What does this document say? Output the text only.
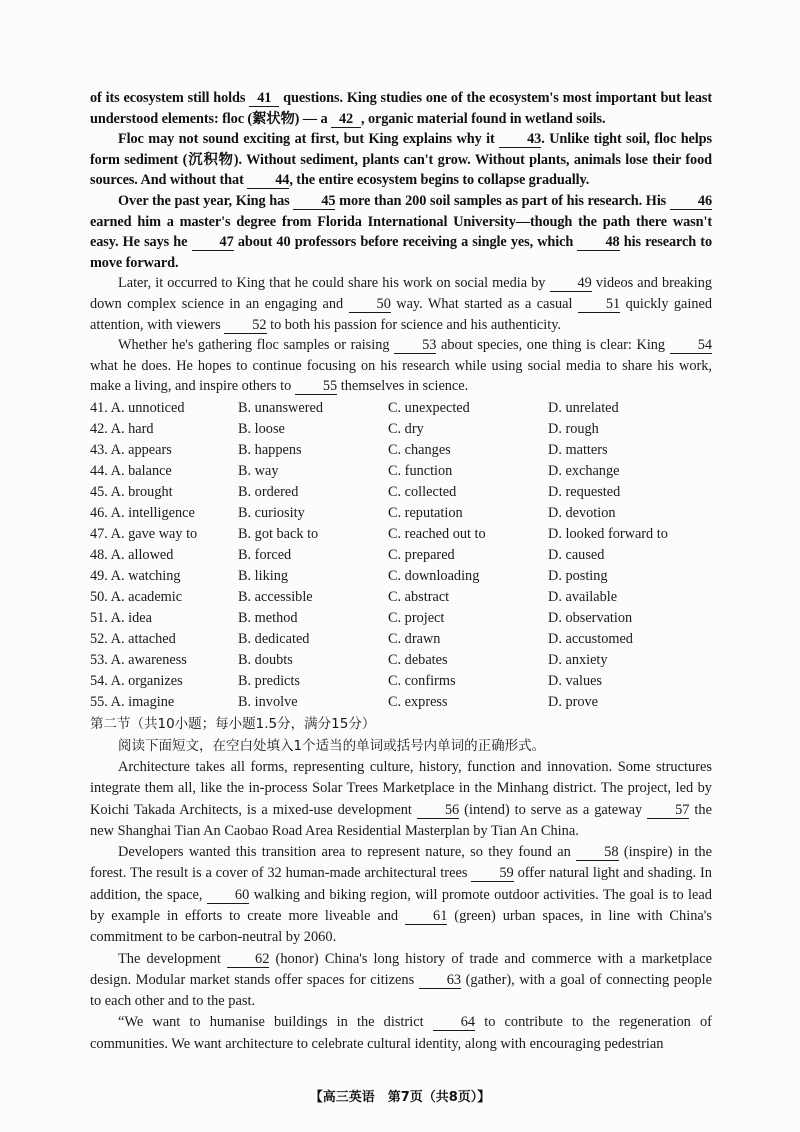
of its ecosystem still holds 41 questions. King studies one of the ecosystem's most important but least understood elements: floc (絮状物) — a 42 , organic material found in wetland soils.

Floc may not sound exciting at first, but King explains why it 43. Unlike tight soil, floc helps form sediment (沉积物). Without sediment, plants can't grow. Without plants, animals lose their food sources. And without that 44, the entire ecosystem begins to collapse gradually.

Over the past year, King has 45 more than 200 soil samples as part of his research. His 46 earned him a master's degree from Florida International University—though the path there wasn't easy. He says he 47 about 40 professors before receiving a single yes, which 48 his research to move forward.

Later, it occurred to King that he could share his work on social media by 49 videos and breaking down complex science in an engaging and 50 way. What started as a casual 51 quickly gained attention, with viewers 52 to both his passion for science and his authenticity.

Whether he's gathering floc samples or raising 53 about species, one thing is clear: King 54 what he does. He hopes to continue focusing on his research while using social media to share his work, make a living, and inspire others to 55 themselves in science.

41. A. unnoticed	B. unanswered	C. unexpected	D. unrelated
42. A. hard	B. loose	C. dry	D. rough
43. A. appears	B. happens	C. changes	D. matters
44. A. balance	B. way	C. function	D. exchange
45. A. brought	B. ordered	C. collected	D. requested
46. A. intelligence	B. curiosity	C. reputation	D. devotion
47. A. gave way to	B. got back to	C. reached out to	D. looked forward to
48. A. allowed	B. forced	C. prepared	D. caused
49. A. watching	B. liking	C. downloading	D. posting
50. A. academic	B. accessible	C. abstract	D. available
51. A. idea	B. method	C. project	D. observation
52. A. attached	B. dedicated	C. drawn	D. accustomed
53. A. awareness	B. doubts	C. debates	D. anxiety
54. A. organizes	B. predicts	C. confirms	D. values
55. A. imagine	B. involve	C. express	D. prove
第二节（共10小题；每小题1.5分，满分15分）
阅读下面短文，在空白处填入1个适当的单词或括号内单词的正确形式。

Architecture takes all forms, representing culture, history, function and innovation. Some structures integrate them all, like the in-process Solar Trees Marketplace in the Minhang district. The project, led by Koichi Takada Architects, is a mixed-use development 56 (intend) to serve as a gateway 57 the new Shanghai Tian An Caobao Road Area Residential Masterplan by Tian An China.

Developers wanted this transition area to represent nature, so they found an 58 (inspire) in the forest. The result is a cover of 32 human-made architectural trees 59 offer natural light and shading. In addition, the space, 60 walking and biking region, will promote outdoor activities. The goal is to lead by example in efforts to create more liveable and 61 (green) urban spaces, in line with China's commitment to be carbon-neutral by 2060.

The development 62 (honor) China's long history of trade and commerce with a marketplace design. Modular market stands offer spaces for citizens 63 (gather), with a goal of connecting people to each other and to the past.

“We want to humanise buildings in the district	64 to contribute to the regeneration of communities. We want architecture to celebrate cultural identity, along with encouraging pedestrian

【高三英语　第7页（共8页）】
